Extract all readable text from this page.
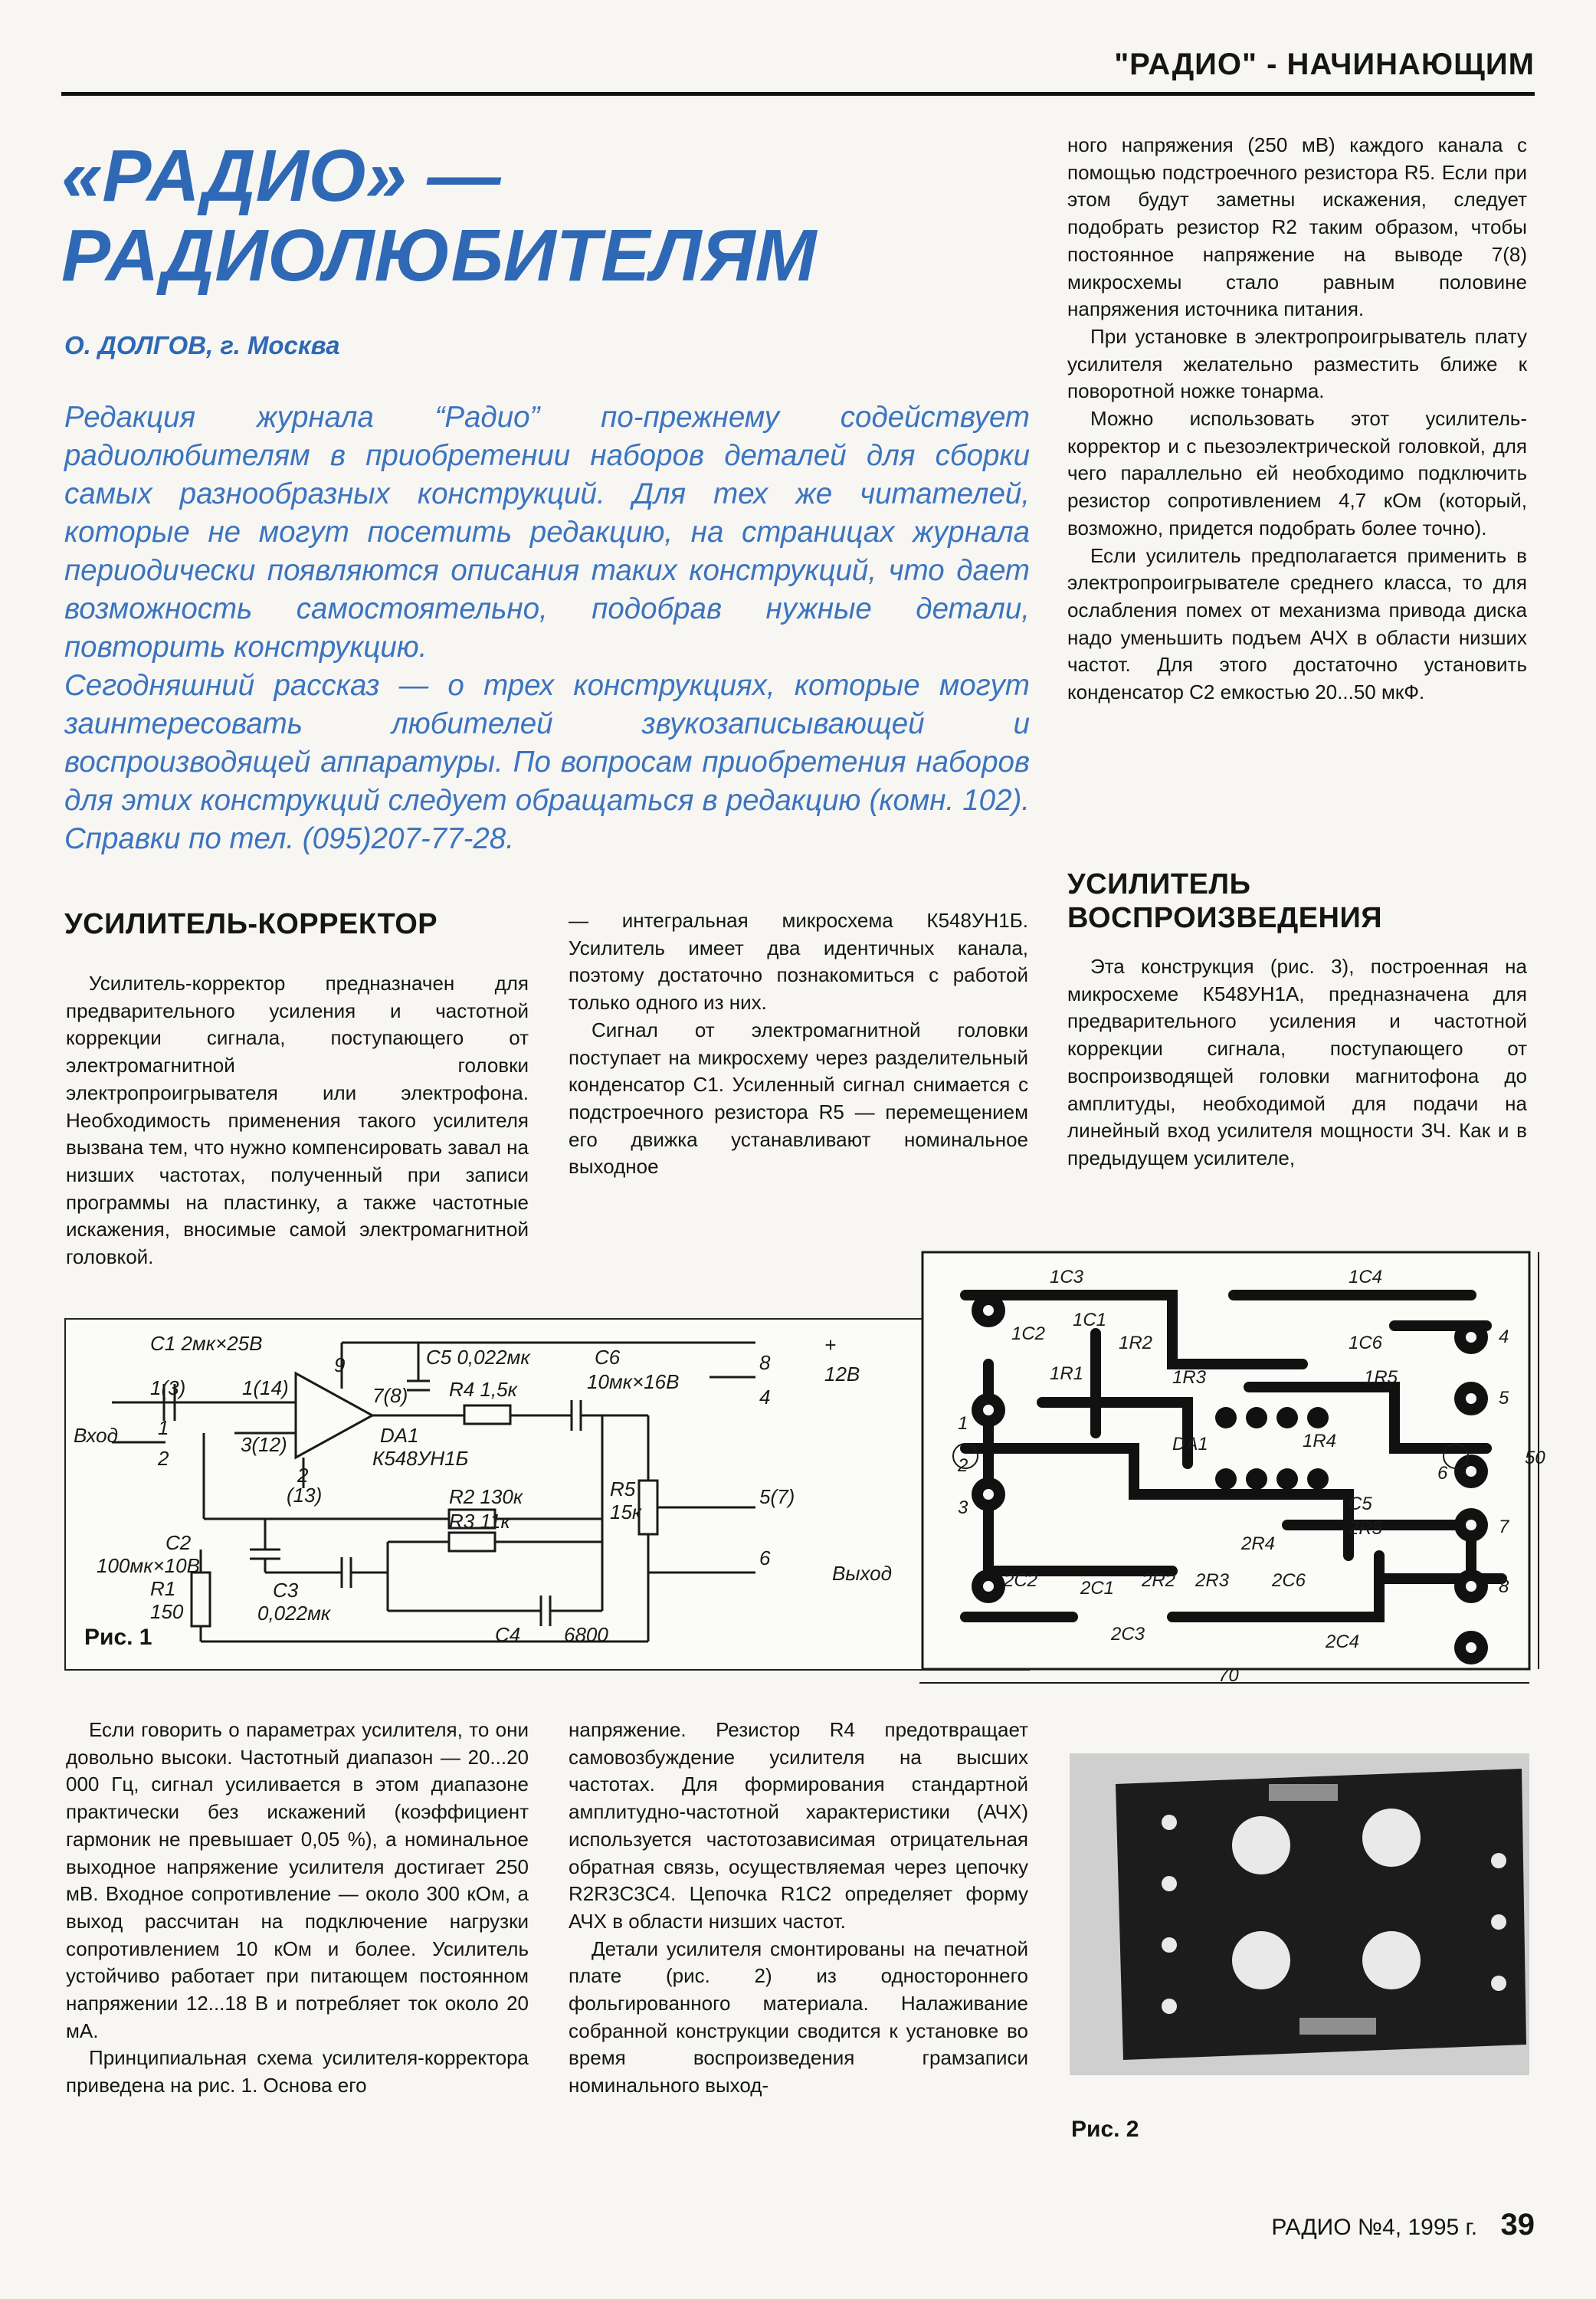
"РАДИО" - НАЧИНАЮЩИМ
«РАДИО» —
РАДИОЛЮБИТЕЛЯМ
О. ДОЛГОВ, г. Москва

Редакция журнала “Радио” по-прежнему содействует радиолюбителям в приобретении наборов деталей для сборки самых разнообразных конструкций. Для тех же читателей, которые не могут посетить редакцию, на страницах журнала периодически появляются описания таких конструкций, что дает возможность самостоятельно, подобрав нужные детали, повторить конструкцию.

Сегодняшний рассказ — о трех конструкциях, которые могут заинтересовать любителей звукозаписывающей и воспроизводящей аппаратуры. По вопросам приобретения наборов для этих конструкций следует обращаться в редакцию (комн. 102). Справки по тел. (095)207-77-28.

ного напряжения (250 мВ) каждого канала с помощью подстроечного резистора R5. Если при этом будут заметны искажения, следует подобрать резистор R2 таким образом, чтобы постоянное напряжение на выводе 7(8) микросхемы стало равным половине напряжения источника питания.

При установке в электропроигрыватель плату усилителя желательно разместить ближе к поворотной ножке тонарма.

Можно использовать этот усилитель-корректор и с пьезоэлектрической головкой, для чего параллельно ей необходимо подключить резистор сопротивлением 4,7 кОм (который, возможно, придется подобрать более точно).

Если усилитель предполагается применить в электропроигрывателе среднего класса, то для ослабления помех от механизма привода диска надо уменьшить подъем АЧХ в области низших частот. Для этого достаточно установить конденсатор С2 емкостью 20...50 мкФ.

УСИЛИТЕЛЬ-КОРРЕКТОР
УСИЛИТЕЛЬ
ВОСПРОИЗВЕДЕНИЯ

Усилитель-корректор предназначен для предварительного усиления и частотной коррекции сигнала, поступающего от электромагнитной головки электропроигрывателя или электрофона. Необходимость применения такого усилителя вызвана тем, что нужно компенсировать завал на низших частотах, полученный при записи программы на пластинку, а также частотные искажения, вносимые самой электромагнитной головкой.

— интегральная микросхема К548УН1Б. Усилитель имеет два идентичных канала, поэтому достаточно познакомиться с работой только одного из них.

Сигнал от электромагнитной головки поступает на микросхему через разделительный конденсатор С1. Усиленный сигнал снимается с подстроечного резистора R5 — перемещением его движка устанавливают номинальное выходное

Эта конструкция (рис. 3), построенная на микросхеме К548УН1А, предназначена для предварительного усиления и частотной коррекции сигнала, поступающего от воспроизводящей головки магнитофона до амплитуды, необходимой для подачи на линейный вход усилителя мощности ЗЧ. Как и в предыдущем усилителе,

С1 2мк×25В
1(3)	1(14)
3(12)
2
(13)
9
7(8)
С5 0,022мк
R4 1,5к
DA1
К548УН1Б
С6
10мк×16В
R2 130к
R3 11к
R5
15к
С2
100мк×10В
R1
150
С3
0,022мк
С4 6800
Вход
Выход
1
2
8
4
5(7)
6
+
12В
Рис. 1
1С3	1С4
1С1
1С2	1R2	1С6
1R1	1R3	1R5
1R4
DA1
С5
2R5
2R4
2С2 2С1 2R2 2R3 2С6
2С3	2С4
1
2
3
4
5
6
7
8
70
50
Рис. 2

Если говорить о параметрах усилителя, то они довольно высоки. Частотный диапазон — 20...20 000 Гц, сигнал усиливается в этом диапазоне практически без искажений (коэффициент гармоник не превышает 0,05 %), а номинальное выходное напряжение усилителя достигает 250 мВ. Входное сопротивление — около 300 кОм, а выход рассчитан на подключение нагрузки сопротивлением 10 кОм и более. Усилитель устойчиво работает при питающем постоянном напряжении 12...18 В и потребляет ток около 20 мА.

Принципиальная схема усилителя-корректора приведена на рис. 1. Основа его

напряжение. Резистор R4 предотвращает самовозбуждение усилителя на высших частотах. Для формирования стандартной амплитудно-частотной характеристики (АЧХ) используется частотозависимая отрицательная обратная связь, осуществляемая через цепочку R2R3C3C4. Цепочка R1C2 определяет форму АЧХ в области низших частот.

Детали усилителя смонтированы на печатной плате (рис. 2) из одностороннего фольгированного материала. Налаживание собранной конструкции сводится к установке во время воспроизведения грамзаписи номинального выход-

РАДИО №4, 1995 г. 39
